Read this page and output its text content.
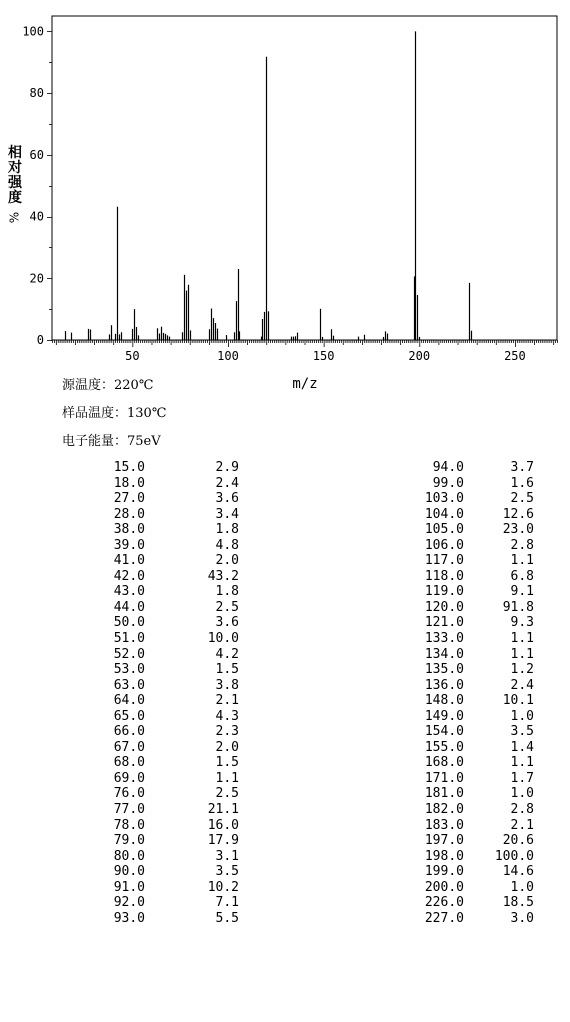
50	100	150	200	250
0
20
40
60
80
100
m/z
相
对
强
度
%
源温度：220℃
样品温度：130℃
电子能量：75eV
15.0	2.9	94.0	3.7
18.0	2.4	99.0	1.6
27.0	3.6	103.0	2.5
28.0	3.4	104.0	12.6
38.0	1.8	105.0	23.0
39.0	4.8	106.0	2.8
41.0	2.0	117.0	1.1
42.0	43.2	118.0	6.8
43.0	1.8	119.0	9.1
44.0	2.5	120.0	91.8
50.0	3.6	121.0	9.3
51.0	10.0	133.0	1.1
52.0	4.2	134.0	1.1
53.0	1.5	135.0	1.2
63.0	3.8	136.0	2.4
64.0	2.1	148.0	10.1
65.0	4.3	149.0	1.0
66.0	2.3	154.0	3.5
67.0	2.0	155.0	1.4
68.0	1.5	168.0	1.1
69.0	1.1	171.0	1.7
76.0	2.5	181.0	1.0
77.0	21.1	182.0	2.8
78.0	16.0	183.0	2.1
79.0	17.9	197.0	20.6
80.0	3.1	198.0	100.0
90.0	3.5	199.0	14.6
91.0	10.2	200.0	1.0
92.0	7.1	226.0	18.5
93.0	5.5	227.0	3.0
